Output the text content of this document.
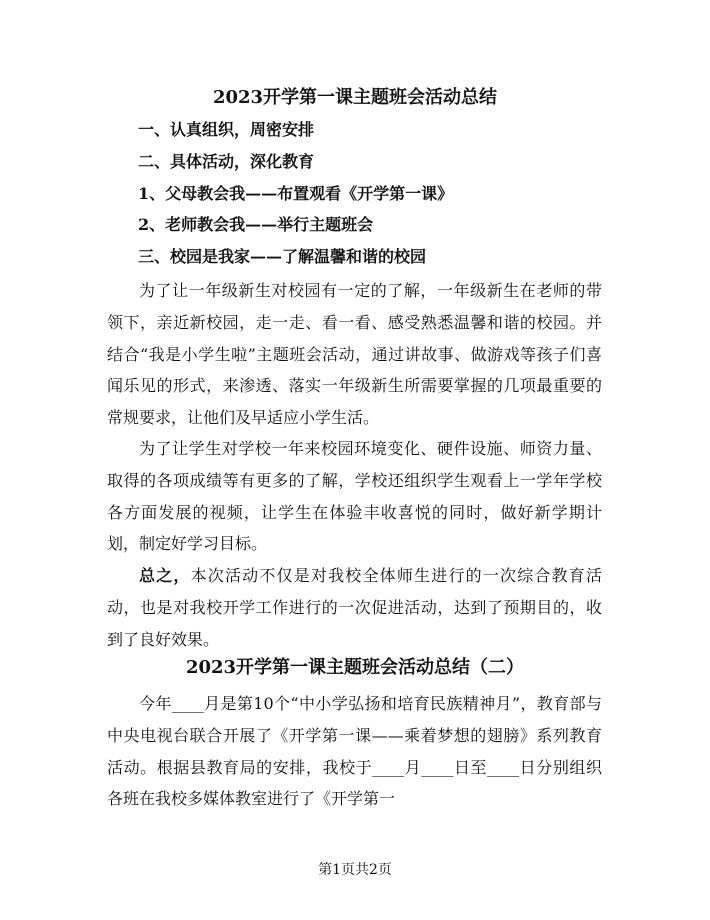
2023开学第一课主题班会活动总结

一、认真组织，周密安排

二、具体活动，深化教育

1、父母教会我——布置观看《开学第一课》

2、老师教会我——举行主题班会

三、校园是我家——了解温馨和谐的校园

为了让一年级新生对校园有一定的了解，一年级新生在老师的带领下，亲近新校园，走一走、看一看、感受熟悉温馨和谐的校园。并结合“我是小学生啦”主题班会活动，通过讲故事、做游戏等孩子们喜闻乐见的形式，来渗透、落实一年级新生所需要掌握的几项最重要的常规要求，让他们及早适应小学生活。

为了让学生对学校一年来校园环境变化、硬件设施、师资力量、取得的各项成绩等有更多的了解，学校还组织学生观看上一学年学校各方面发展的视频，让学生在体验丰收喜悦的同时，做好新学期计划，制定好学习目标。

总之，本次活动不仅是对我校全体师生进行的一次综合教育活动，也是对我校开学工作进行的一次促进活动，达到了预期目的，收到了良好效果。

2023开学第一课主题班会活动总结（二）

今年____月是第10个“中小学弘扬和培育民族精神月”，教育部与中央电视台联合开展了《开学第一课——乘着梦想的翅膀》系列教育活动。根据县教育局的安排，我校于____月____日至____日分别组织各班在我校多媒体教室进行了《开学第一

第1页共2页
